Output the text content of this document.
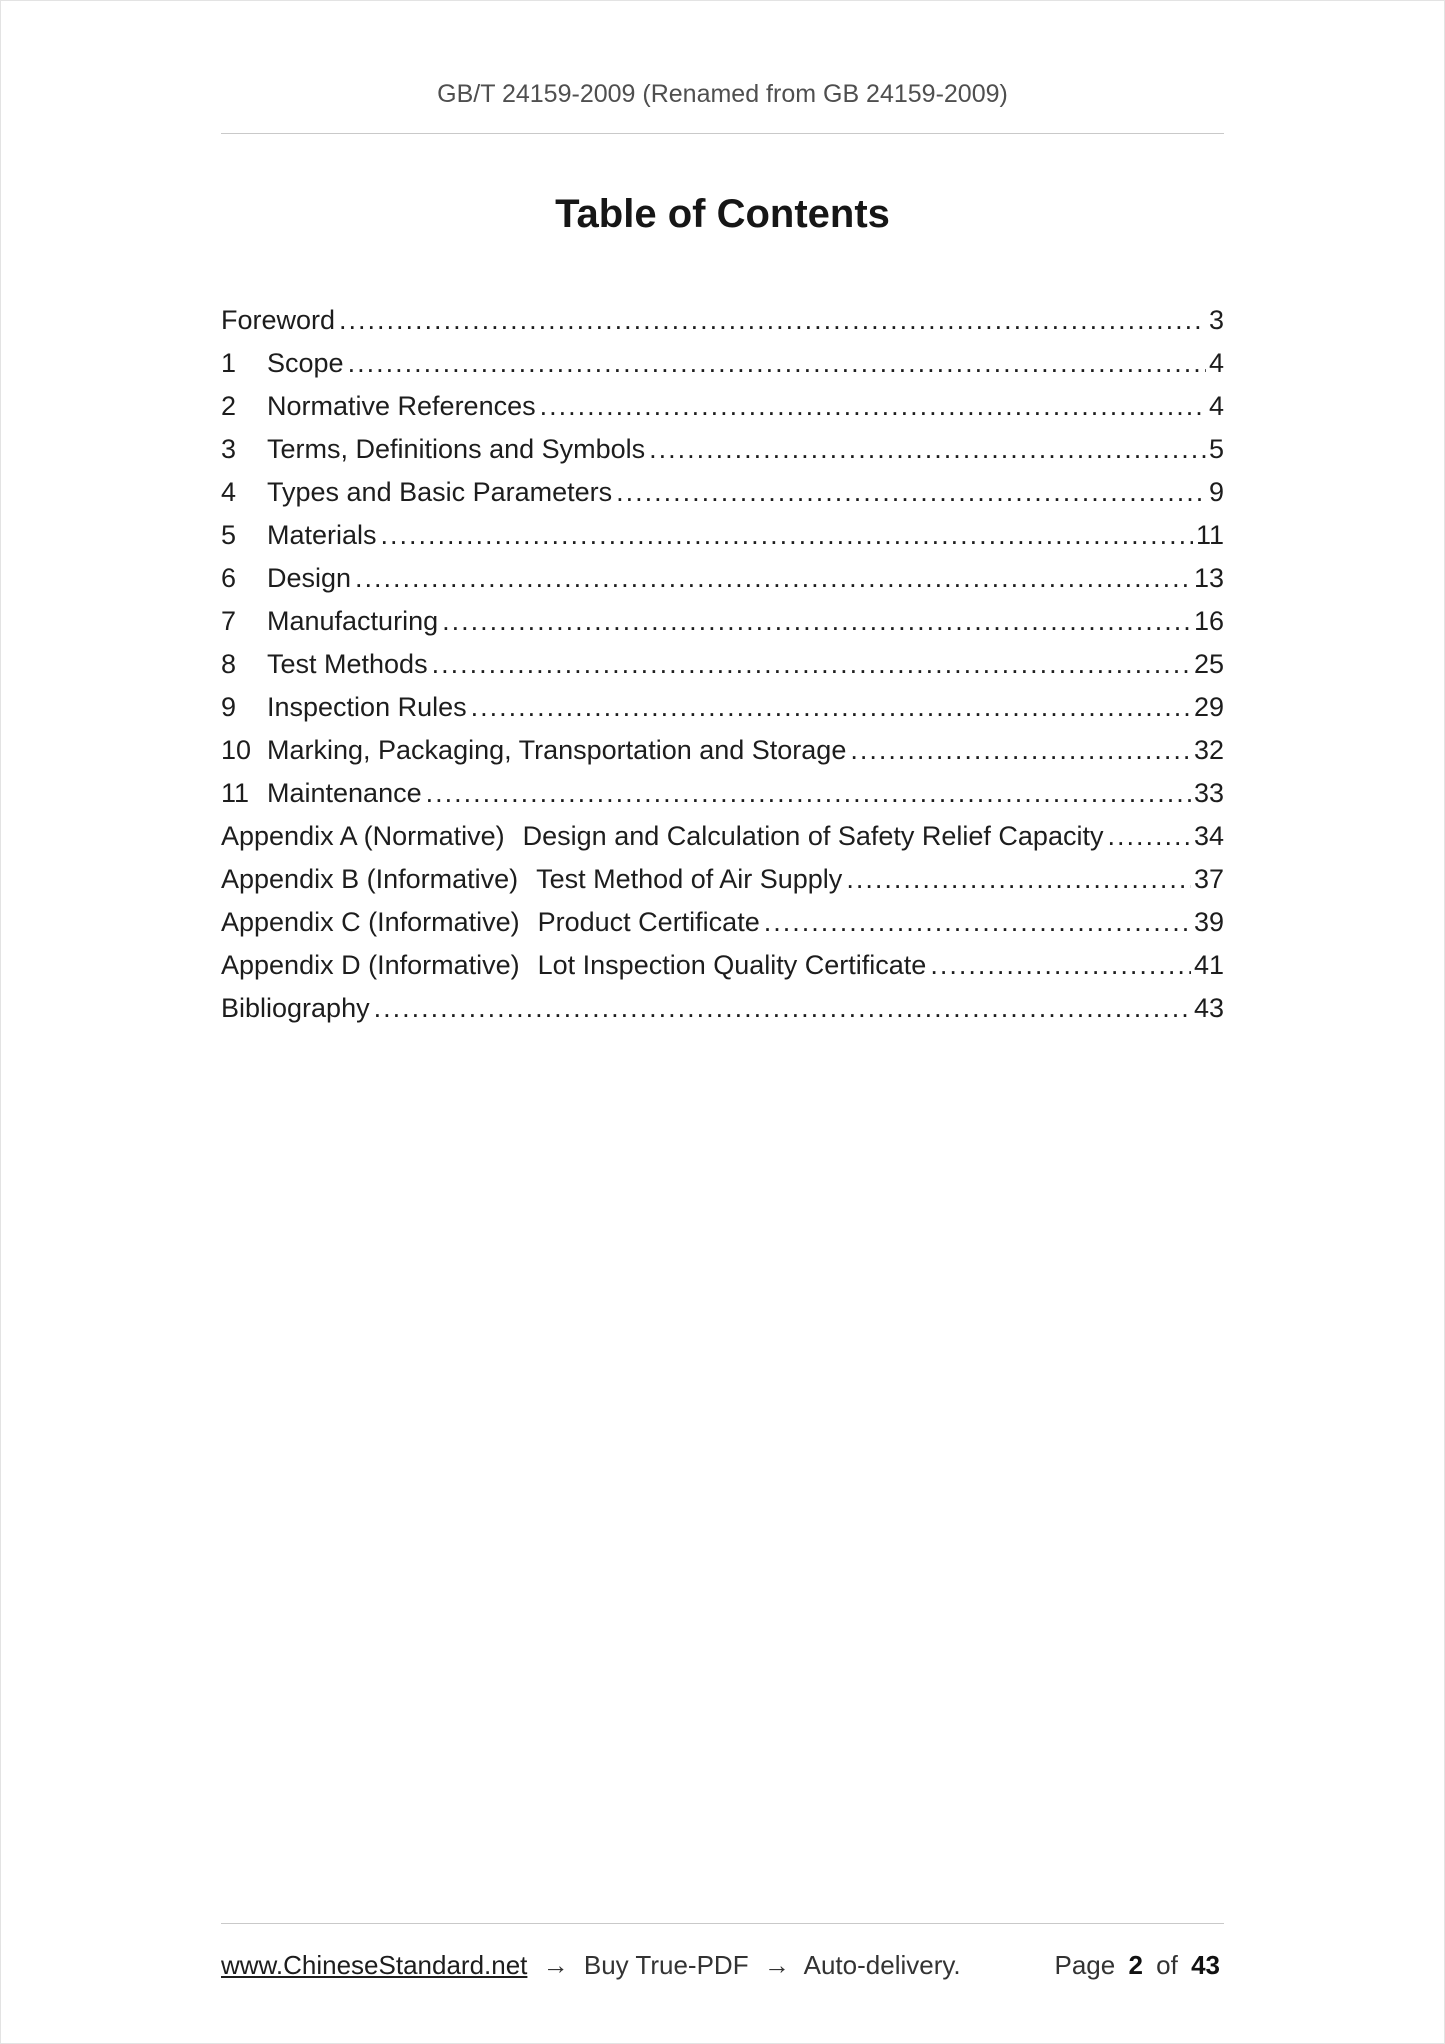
GB/T 24159-2009 (Renamed from GB 24159-2009)
Table of Contents
Foreword .....	3
1	Scope .....	4
2	Normative References .....	4
3	Terms, Definitions and Symbols .....	5
4	Types and Basic Parameters .....	9
5	Materials .....	11
6	Design .....	13
7	Manufacturing .....	16
8	Test Methods .....	25
9	Inspection Rules .....	29
10 Marking, Packaging, Transportation and Storage .....	32
11 Maintenance .....	33
Appendix A (Normative) Design and Calculation of Safety Relief Capacity .....	34
Appendix B (Informative) Test Method of Air Supply .....	37
Appendix C (Informative) Product Certificate .....	39
Appendix D (Informative) Lot Inspection Quality Certificate .....	41
Bibliography .....	43
www.ChineseStandard.net → Buy True-PDF → Auto-delivery.	Page 2 of 43
